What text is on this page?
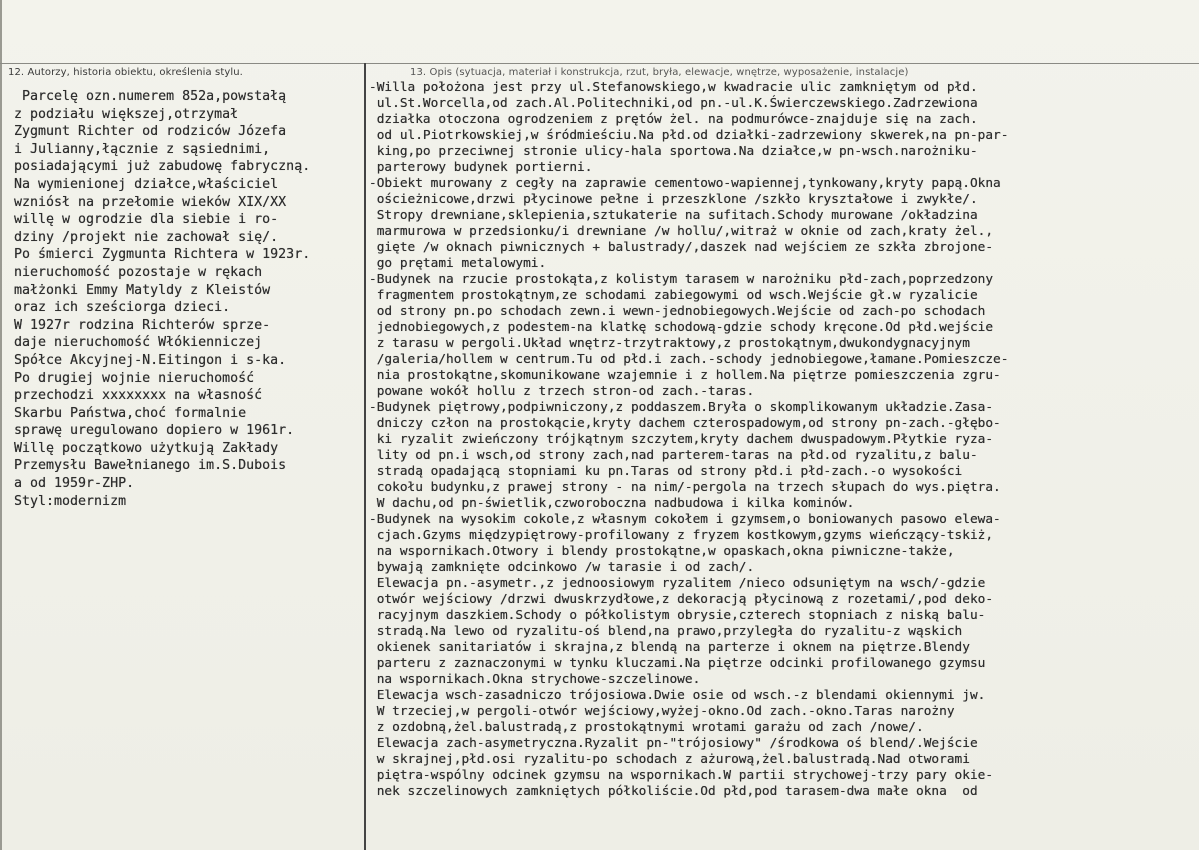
12. Autorzy, historia obiektu, określenia stylu.	13. Opis (sytuacja, materiał i konstrukcja, rzut, bryła, elewacje, wnętrze, wyposażenie, instalacje)
Parcelę ozn.numerem 852a,powstałą
z podziału większej,otrzymał
Zygmunt Richter od rodziców Józefa
i Julianny,łącznie z sąsiednimi,
posiadającymi już zabudowę fabryczną.
Na wymienionej działce,właściciel
wzniósł na przełomie wieków XIX/XX
willę w ogrodzie dla siebie i ro-
dziny /projekt nie zachował się/.
Po śmierci Zygmunta Richtera w 1923r.
nieruchomość pozostaje w rękach
małżonki Emmy Matyldy z Kleistów
oraz ich sześciorga dzieci.
W 1927r rodzina Richterów sprze-
daje nieruchomość Włókienniczej
Spółce Akcyjnej-N.Eitingon i s-ka.
Po drugiej wojnie nieruchomość
przechodzi xxxxxxxx na własność
Skarbu Państwa,choć formalnie
sprawę uregulowano dopiero w 1961r.
Willę początkowo użytkują Zakłady
Przemysłu Bawełnianego im.S.Dubois
a od 1959r-ZHP.
Styl:modernizm
-Willa położona jest przy ul.Stefanowskiego,w kwadracie ulic zamkniętym od płd.
ul.St.Worcella,od zach.Al.Politechniki,od pn.-ul.K.Świerczewskiego.Zadrzewiona
działka otoczona ogrodzeniem z prętów żel. na podmurówce-znajduje się na zach.
od ul.Piotrkowskiej,w śródmieściu.Na płd.od działki-zadrzewiony skwerek,na pn-par-
king,po przeciwnej stronie ulicy-hala sportowa.Na działce,w pn-wsch.narożniku-
parterowy budynek portierni.
-Obiekt murowany z cegły na zaprawie cementowo-wapiennej,tynkowany,kryty papą.Okna
ościeżnicowe,drzwi płycinowe pełne i przeszklone /szkło kryształowe i zwykłe/.
Stropy drewniane,sklepienia,sztukaterie na sufitach.Schody murowane /okładzina
marmurowa w przedsionku/i drewniane /w hollu/,witraż w oknie od zach,kraty żel.,
gięte /w oknach piwnicznych + balustrady/,daszek nad wejściem ze szkła zbrojone-
go prętami metalowymi.
-Budynek na rzucie prostokąta,z kolistym tarasem w narożniku płd-zach,poprzedzony
fragmentem prostokątnym,ze schodami zabiegowymi od wsch.Wejście gł.w ryzalicie
od strony pn.po schodach zewn.i wewn-jednobiegowych.Wejście od zach-po schodach
jednobiegowych,z podestem-na klatkę schodową-gdzie schody kręcone.Od płd.wejście
z tarasu w pergoli.Układ wnętrz-trzytraktowy,z prostokątnym,dwukondygnacyjnym
/galeria/hollem w centrum.Tu od płd.i zach.-schody jednobiegowe,łamane.Pomieszcze-
nia prostokątne,skomunikowane wzajemnie i z hollem.Na piętrze pomieszczenia zgru-
powane wokół hollu z trzech stron-od zach.-taras.
-Budynek piętrowy,podpiwniczony,z poddaszem.Bryła o skomplikowanym układzie.Zasa-
dniczy człon na prostokącie,kryty dachem czterospadowym,od strony pn-zach.-głębo-
ki ryzalit zwieńczony trójkątnym szczytem,kryty dachem dwuspadowym.Płytkie ryza-
lity od pn.i wsch,od strony zach,nad parterem-taras na płd.od ryzalitu,z balu-
stradą opadającą stopniami ku pn.Taras od strony płd.i płd-zach.-o wysokości
cokołu budynku,z prawej strony - na nim/-pergola na trzech słupach do wys.piętra.
W dachu,od pn-świetlik,czworoboczna nadbudowa i kilka kominów.
-Budynek na wysokim cokole,z własnym cokołem i gzymsem,o boniowanych pasowo elewa-
cjach.Gzyms międzypiętrowy-profilowany z fryzem kostkowym,gzyms wieńczący-tskiż,
na wspornikach.Otwory i blendy prostokątne,w opaskach,okna piwniczne-także,
bywają zamknięte odcinkowo /w tarasie i od zach/.
Elewacja pn.-asymetr.,z jednoosiowym ryzalitem /nieco odsuniętym na wsch/-gdzie
otwór wejściowy /drzwi dwuskrzydłowe,z dekoracją płycinową z rozetami/,pod deko-
racyjnym daszkiem.Schody o półkolistym obrysie,czterech stopniach z niską balu-
stradą.Na lewo od ryzalitu-oś blend,na prawo,przyległa do ryzalitu-z wąskich
okienek sanitariatów i skrajna,z blendą na parterze i oknem na piętrze.Blendy
parteru z zaznaczonymi w tynku kluczami.Na piętrze odcinki profilowanego gzymsu
na wspornikach.Okna strychowe-szczelinowe.
Elewacja wsch-zasadniczo trójosiowa.Dwie osie od wsch.-z blendami okiennymi jw.
W trzeciej,w pergoli-otwór wejściowy,wyżej-okno.Od zach.-okno.Taras narożny
z ozdobną,żel.balustradą,z prostokątnymi wrotami garażu od zach /nowe/.
Elewacja zach-asymetryczna.Ryzalit pn-"trójosiowy" /środkowa oś blend/.Wejście
w skrajnej,płd.osi ryzalitu-po schodach z ażurową,żel.balustradą.Nad otworami
piętra-wspólny odcinek gzymsu na wspornikach.W partii strychowej-trzy pary okie-
nek szczelinowych zamkniętych półkoliście.Od płd,pod tarasem-dwa małe okna  od
